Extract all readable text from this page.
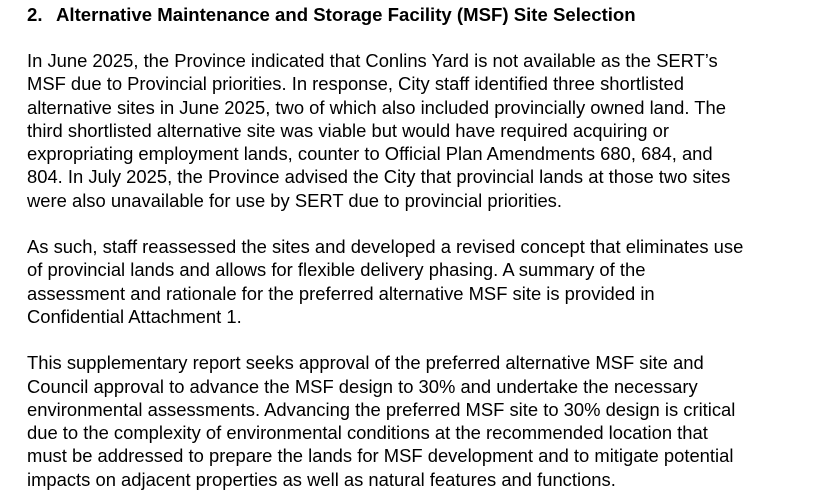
2. Alternative Maintenance and Storage Facility (MSF) Site Selection

In June 2025, the Province indicated that Conlins Yard is not available as the SERT’s
MSF due to Provincial priorities. In response, City staff identified three shortlisted
alternative sites in June 2025, two of which also included provincially owned land. The
third shortlisted alternative site was viable but would have required acquiring or
expropriating employment lands, counter to Official Plan Amendments 680, 684, and
804. In July 2025, the Province advised the City that provincial lands at those two sites
were also unavailable for use by SERT due to provincial priorities.

As such, staff reassessed the sites and developed a revised concept that eliminates use
of provincial lands and allows for flexible delivery phasing. A summary of the
assessment and rationale for the preferred alternative MSF site is provided in
Confidential Attachment 1.

This supplementary report seeks approval of the preferred alternative MSF site and
Council approval to advance the MSF design to 30% and undertake the necessary
environmental assessments. Advancing the preferred MSF site to 30% design is critical
due to the complexity of environmental conditions at the recommended location that
must be addressed to prepare the lands for MSF development and to mitigate potential
impacts on adjacent properties as well as natural features and functions.
